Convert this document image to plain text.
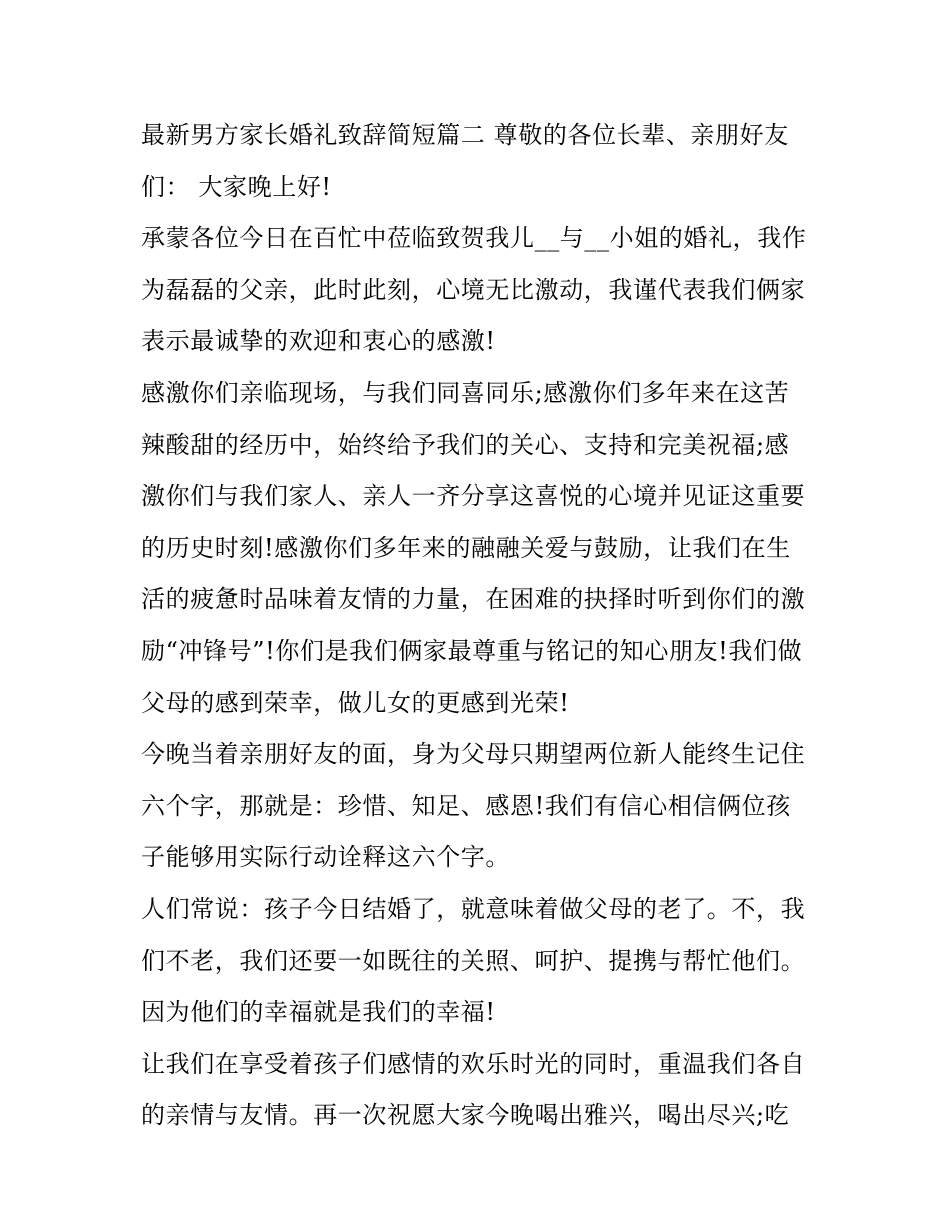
最新男方家长婚礼致辞简短篇二 尊敬的各位长辈、亲朋好友
们： 大家晚上好!
承蒙各位今日在百忙中莅临致贺我儿__与__小姐的婚礼，我作
为磊磊的父亲，此时此刻，心境无比激动，我谨代表我们俩家
表示最诚挚的欢迎和衷心的感激!
感激你们亲临现场，与我们同喜同乐;感激你们多年来在这苦
辣酸甜的经历中，始终给予我们的关心、支持和完美祝福;感
激你们与我们家人、亲人一齐分享这喜悦的心境并见证这重要
的历史时刻!感激你们多年来的融融关爱与鼓励，让我们在生
活的疲惫时品味着友情的力量，在困难的抉择时听到你们的激
励“冲锋号”!你们是我们俩家最尊重与铭记的知心朋友!我们做
父母的感到荣幸，做儿女的更感到光荣!
今晚当着亲朋好友的面，身为父母只期望两位新人能终生记住
六个字，那就是：珍惜、知足、感恩!我们有信心相信俩位孩
子能够用实际行动诠释这六个字。
人们常说：孩子今日结婚了，就意味着做父母的老了。不，我
们不老，我们还要一如既往的关照、呵护、提携与帮忙他们。
因为他们的幸福就是我们的幸福!
让我们在享受着孩子们感情的欢乐时光的同时，重温我们各自
的亲情与友情。再一次祝愿大家今晚喝出雅兴，喝出尽兴;吃
